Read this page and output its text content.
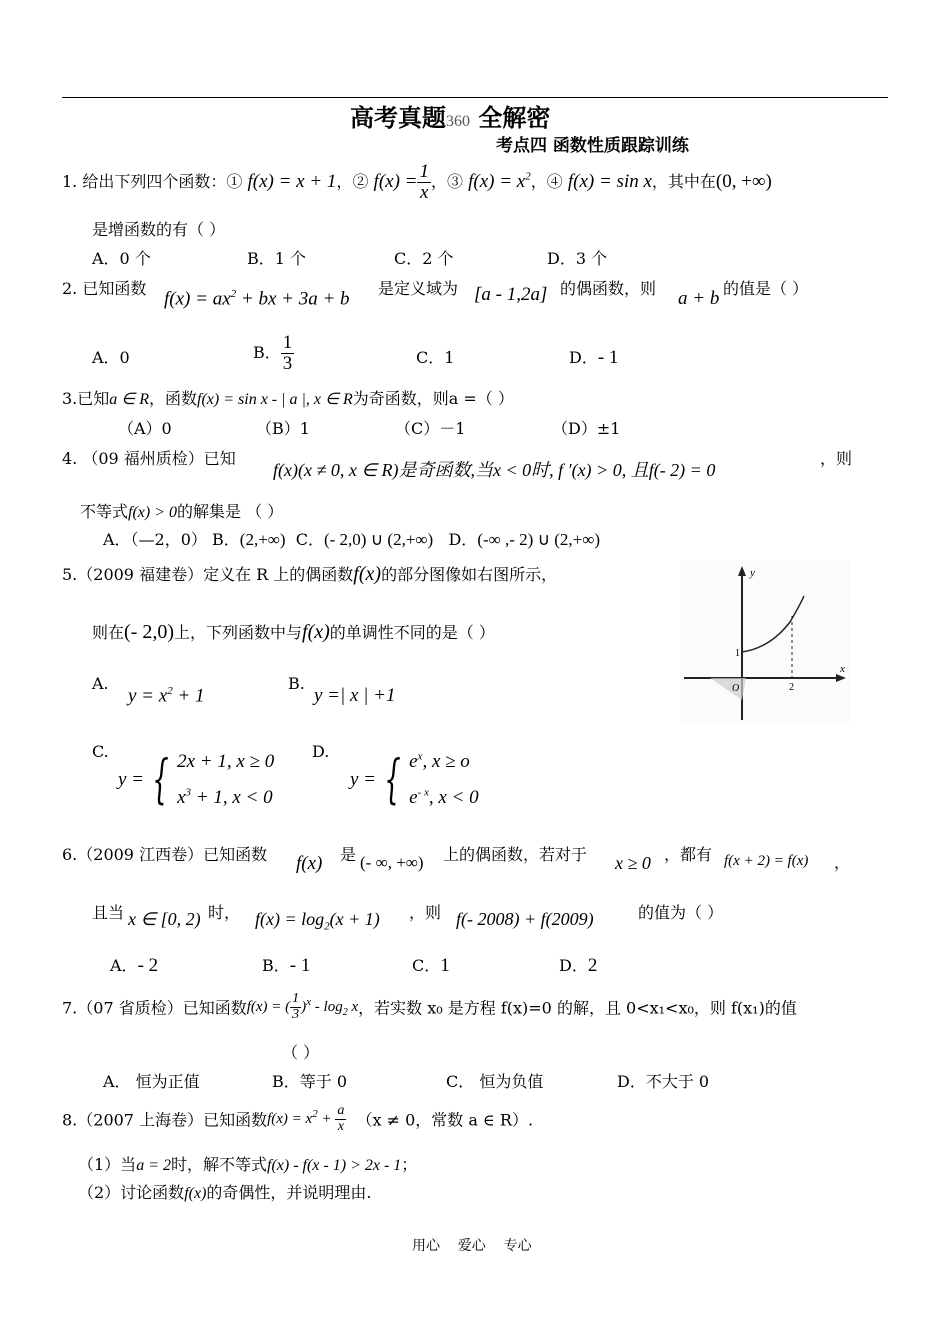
高考真题360 全解密
考点四 函数性质跟踪训练
1. 给出下列四个函数：① f(x) = x + 1，② $f(x) = \frac{1}{x}$ ，③ $f(x) = x^2$，④ f(x) = sin x，其中在(0, +∞)
是增函数的有（ ）
A．0 个	B．1 个	C．2 个	D．3 个
2. 已知函数 $f(x) = ax^2$ + bx + 3a + b 是定义域为 [a - 1,2a] 的偶函数，则 a + b 的值是（ ）
A．0	B． $\frac{1}{3}$	C．1	D．- 1
3.已知a ∈ R，函数f(x) = sin x - | a |, x ∈ R为奇函数，则a =（ ）
（A）0	（B）1	（C）－1	（D）±1
4. （09 福州质检）已知
f(x)(x ≠ 0, x ∈ R)是奇函数,当x < 0时, f ′(x) > 0, 且f(- 2) = 0
，则
不等式f(x) > 0的解集是 （ ）
A．（—2，0） B．(2,+∞) C．(- 2,0) ∪ (2,+∞) D．(-∞ ,- 2) ∪ (2,+∞)
5.（2009 福建卷）定义在 R 上的偶函数f(x)的部分图像如右图所示，
则在(- 2,0)上，下列函数中与f(x)的单调性不同的是（ ）
y
x
O
1
2
A.
$y = x^2 + 1$
B.
y =| x | +1
C.
y = { 2x + 1, x ≥ 0
$x^3 + 1$, x < 0
D.
y = { $e^x$, x ≥ o
$e^{- x}$, x < 0
6.（2009 江西卷）已知函数 f(x) 是 (- ∞, +∞) 上的偶函数，若对于 x ≥ 0 ，都有 f(x + 2) = f(x) ，
且当 x ∈ [0, 2) 时， $f(x) = \log_2(x + 1)$ ，则 f(- 2008) + f(2009)	的值为（ ）
A．- 2	B．- 1	C．1	D．2
7.（07 省质检）已知函数f(x) = ( $\frac{1}{3} )^x - \log_2 x$，若实数 x₀ 是方程 f(x)=0 的解，且 0<x₁<x₀，则 f(x₁)的值
（ ）
A． 恒为正值	B．等于 0	C． 恒为负值	D．不大于 0
8.（2007 上海卷）已知函数$f(x) = x^2 + \frac{a}{x} (x \ne 0$，常数 a ∈ R）.
（1）当a = 2时，解不等式f(x) - f(x - 1) > 2x - 1；
（2）讨论函数f(x)的奇偶性，并说明理由.
用心    爱心    专心
